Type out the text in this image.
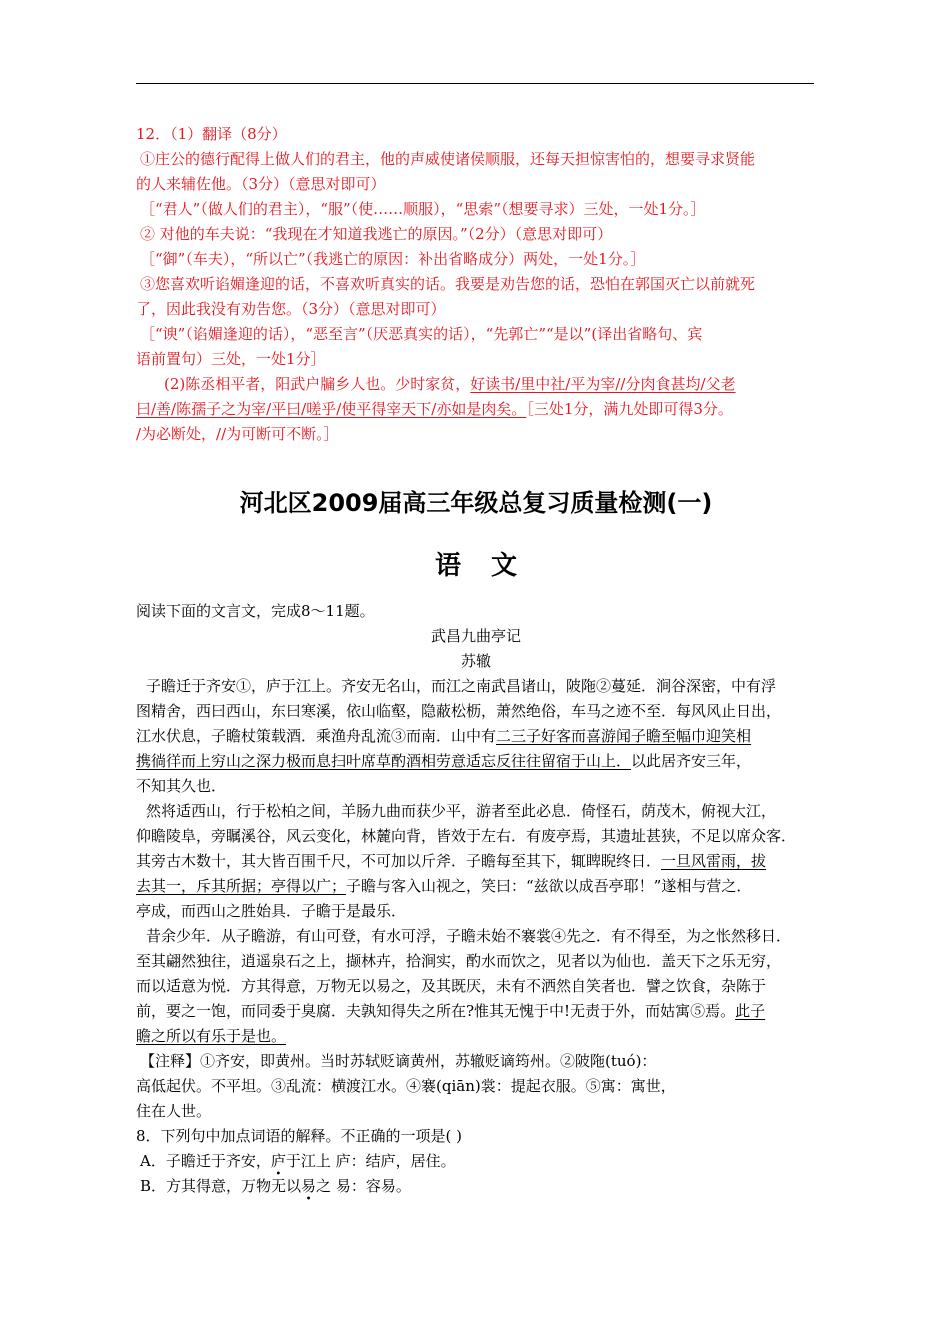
12．（1）翻译（8分）

①庄公的德行配得上做人们的君主，他的声威使诸侯顺服，还每天担惊害怕的，想要寻求贤能

的人来辅佐他。（3分）（意思对即可）

［“君人”（做人们的君主），“服”（使……顺服），“思索”（想要寻求）三处，一处1分。］

② 对他的车夫说：“我现在才知道我逃亡的原因。”（2分）（意思对即可）

［“御”（车夫），“所以亡”（我逃亡的原因：补出省略成分）两处，一处1分。］

③您喜欢听谄媚逢迎的话，不喜欢听真实的话。我要是劝告您的话，恐怕在郭国灭亡以前就死

了，因此我没有劝告您。（3分）（意思对即可）

［“谀”（谄媚逢迎的话），“恶至言”（厌恶真实的话），“先郭亡”“是以”(译出省略句、宾

语前置句）三处，一处1分］

(2)陈丞相平者，阳武户牖乡人也。少时家贫，好读书/里中社/平为宰//分肉食甚均/父老

曰/善/陈孺子之为宰/平曰/嗟乎/使平得宰天下/亦如是肉矣。［三处1分，满九处即可得3分。

/为必断处，//为可断可不断。］

河北区2009届高三年级总复习质量检测(一)
语文

阅读下面的文言文，完成8～11题。

武昌九曲亭记

苏辙

子瞻迁于齐安①，庐于江上。齐安无名山，而江之南武昌诸山，陂陁②蔓延．涧谷深密，中有浮

图精舍，西曰西山，东曰寒溪，依山临壑，隐蔽松枥，萧然绝俗，车马之迹不至．每风风止日出，

江水伏息，子瞻杖策载酒．乘渔舟乱流③而南．山中有二三子好客而喜游闻子瞻至幅巾迎笑相

携徜徉而上穷山之深力极而息扫叶席草酌酒相劳意适忘反往往留宿于山上．以此居齐安三年，

不知其久也．

然将适西山，行于松柏之间，羊肠九曲而获少平，游者至此必息．倚怪石，荫茂木，俯视大江，

仰瞻陵阜，旁瞩溪谷，风云变化，林麓向背，皆效于左右．有废亭焉，其遗址甚狭，不足以席众客．

其旁古木数十，其大皆百围千尺，不可加以斤斧．子瞻每至其下，辄睥睨终日．一旦风雷雨，拔

去其一，斥其所据；亭得以广；子瞻与客入山视之，笑曰：“兹欲以成吾亭耶！”遂相与营之．

亭成，而西山之胜始具．子瞻于是最乐．

昔余少年．从子瞻游，有山可登，有水可浮，子瞻未始不褰裳④先之．有不得至，为之怅然移日．

至其翩然独往，逍遥泉石之上，撷林卉，拾涧实，酌水而饮之，见者以为仙也．盖天下之乐无穷，

而以适意为悦．方其得意，万物无以易之，及其既厌，未有不洒然自笑者也．譬之饮食，杂陈于

前，要之一饱，而同委于臭腐．夫孰知得失之所在?惟其无愧于中!无责于外，而姑寓⑤焉。此子

瞻之所以有乐于是也。

【注释】①齐安，即黄州。当时苏轼贬谪黄州，苏辙贬谪筠州。②陂陁(tuó)：

高低起伏。不平坦。③乱流：横渡江水。④褰(qiān)裳：提起衣服。⑤寓：寓世，

住在人世。

8．下列句中加点词语的解释。不正确的一项是( )

A．子瞻迁于齐安，庐于江上 庐：结庐，居住。

B．方其得意，万物无以易之 易：容易。
